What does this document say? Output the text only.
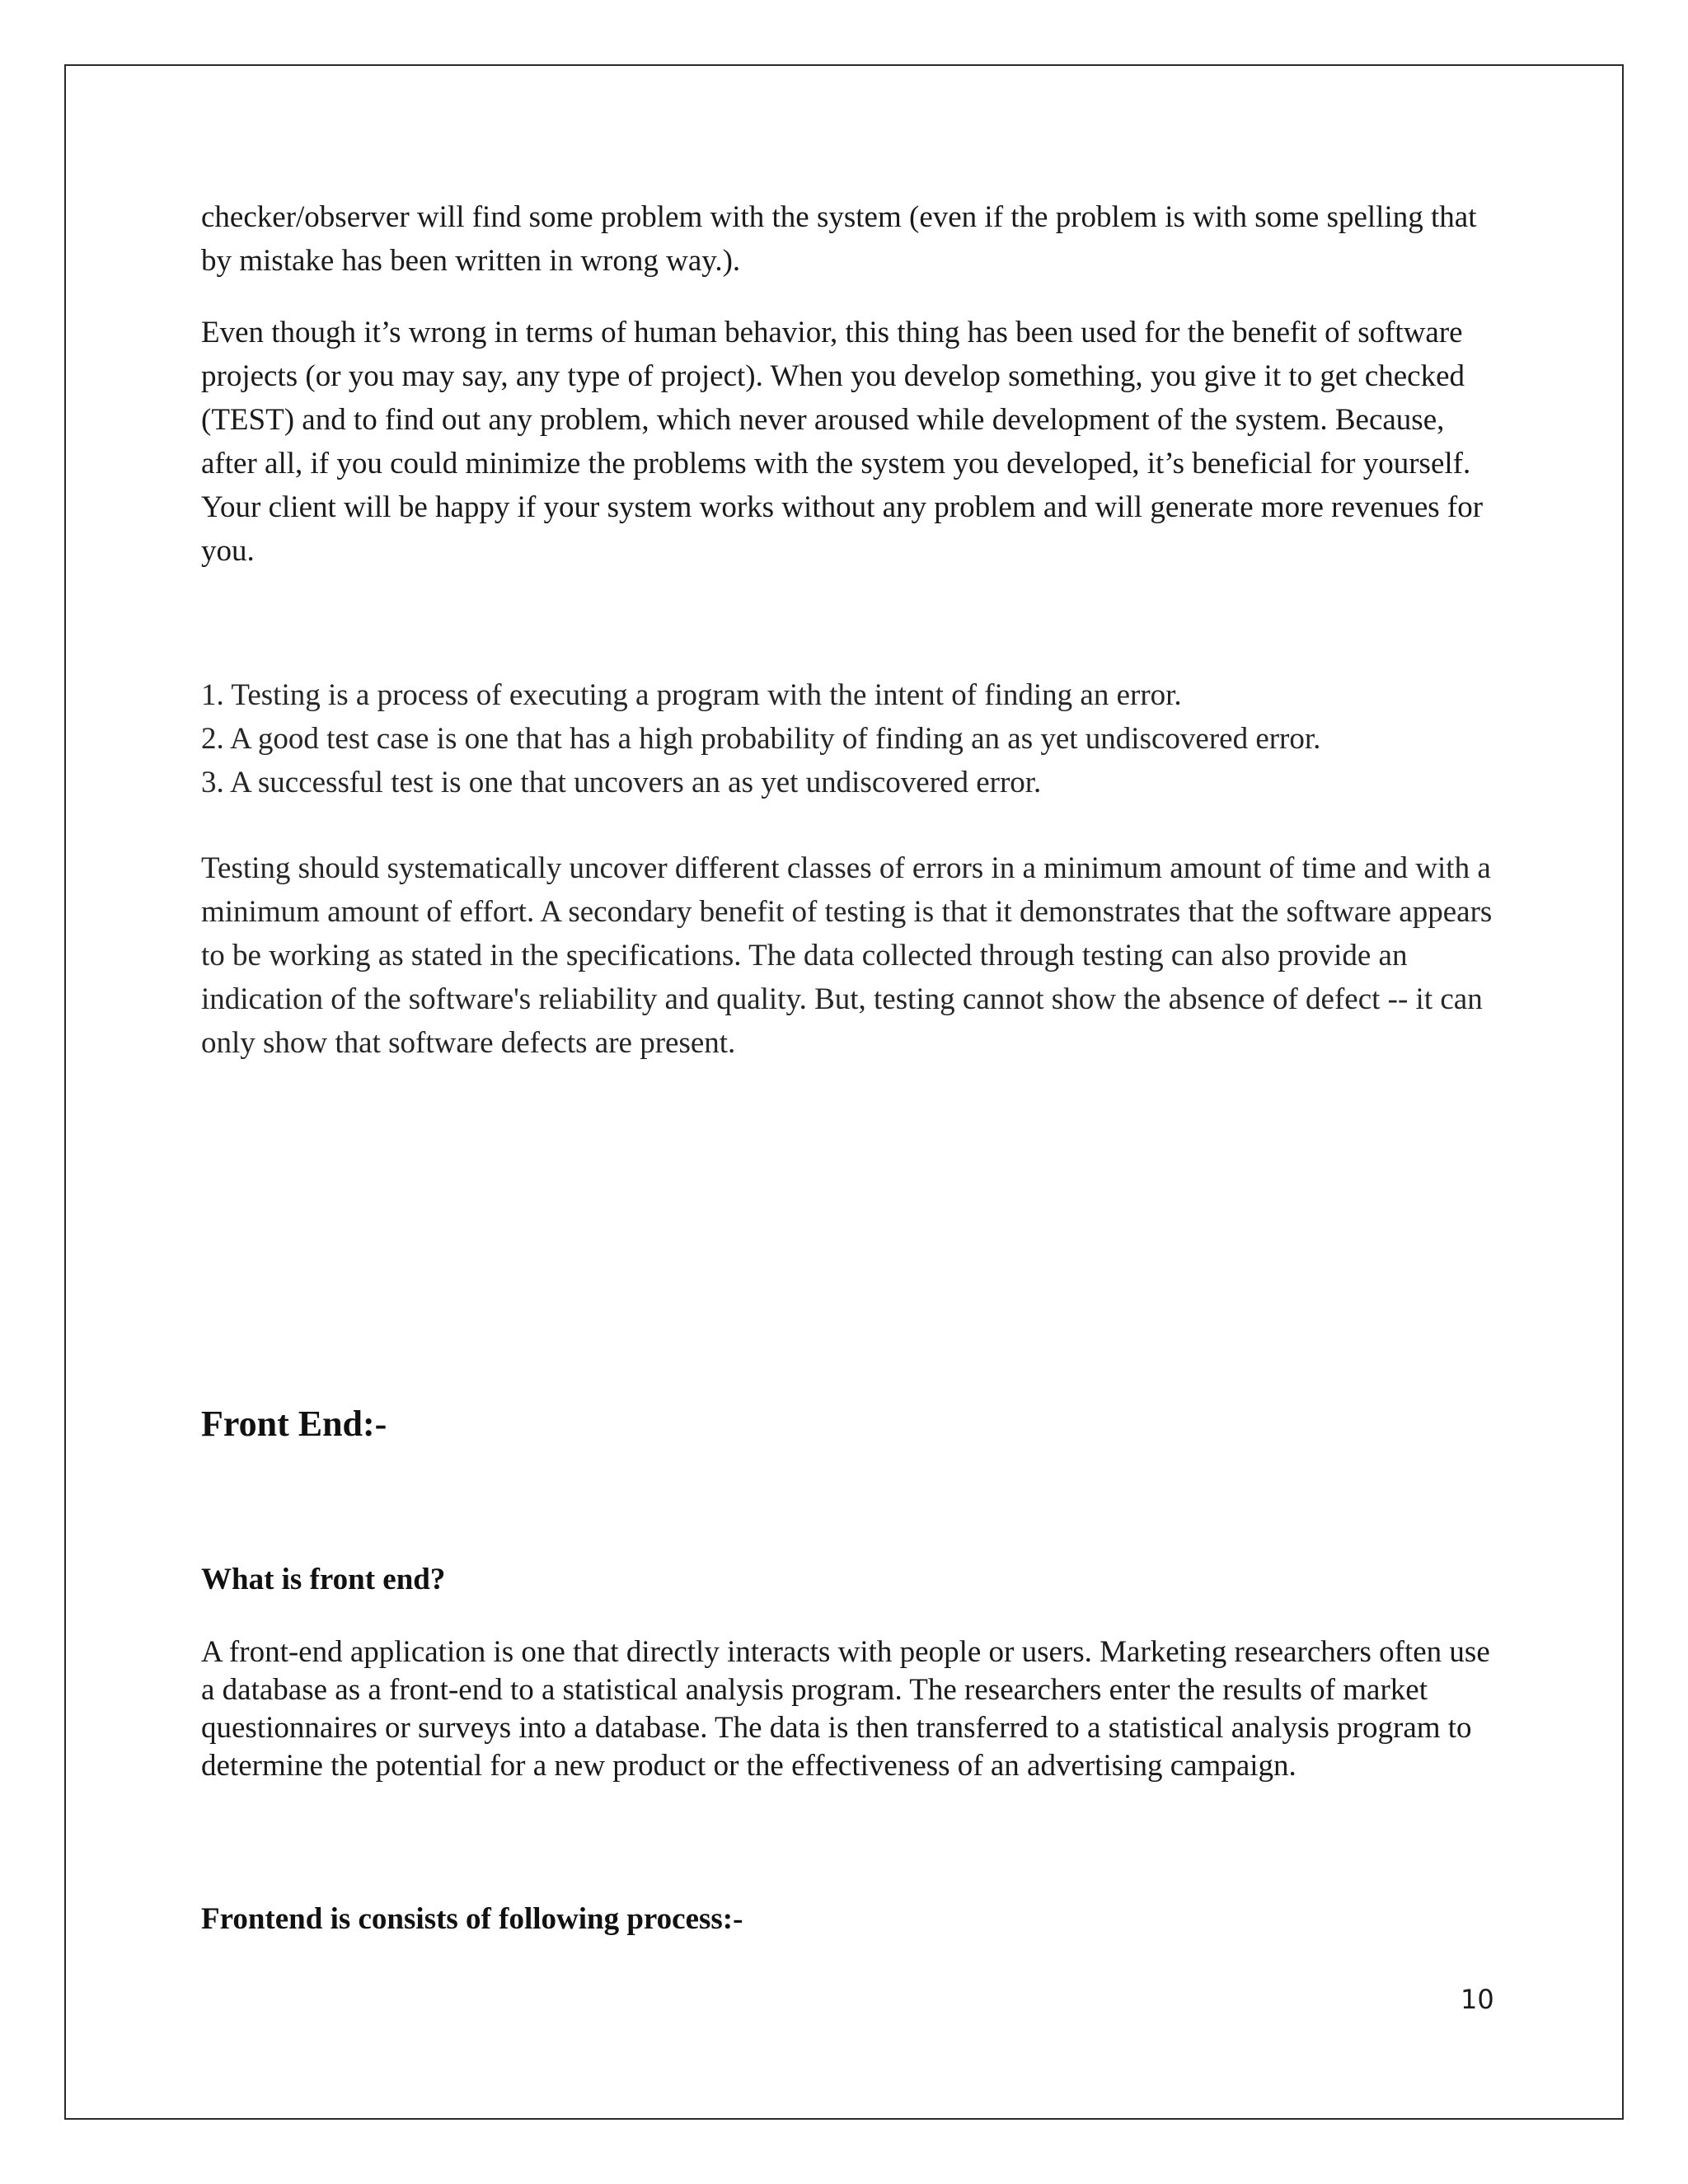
checker/observer will find some problem with the system (even if the problem is with some spelling that by mistake has been written in wrong way.).

Even though it’s wrong in terms of human behavior, this thing has been used for the benefit of software projects (or you may say, any type of project). When you develop something, you give it to get checked (TEST) and to find out any problem, which never aroused while development of the system. Because, after all, if you could minimize the problems with the system you developed, it’s beneficial for yourself. Your client will be happy if your system works without any problem and will generate more revenues for you.

1. Testing is a process of executing a program with the intent of finding an error.
2. A good test case is one that has a high probability of finding an as yet undiscovered error.
3. A successful test is one that uncovers an as yet undiscovered error.

Testing should systematically uncover different classes of errors in a minimum amount of time and with a minimum amount of effort. A secondary benefit of testing is that it demonstrates that the software appears to be working as stated in the specifications. The data collected through testing can also provide an indication of the software's reliability and quality. But, testing cannot show the absence of defect -- it can only show that software defects are present.

Front End:-
What is front end?

A front-end application is one that directly interacts with people or users. Marketing researchers often use a database as a front-end to a statistical analysis program. The researchers enter the results of market questionnaires or surveys into a database. The data is then transferred to a statistical analysis program to determine the potential for a new product or the effectiveness of an advertising campaign.

Frontend is consists of following process:-
10
